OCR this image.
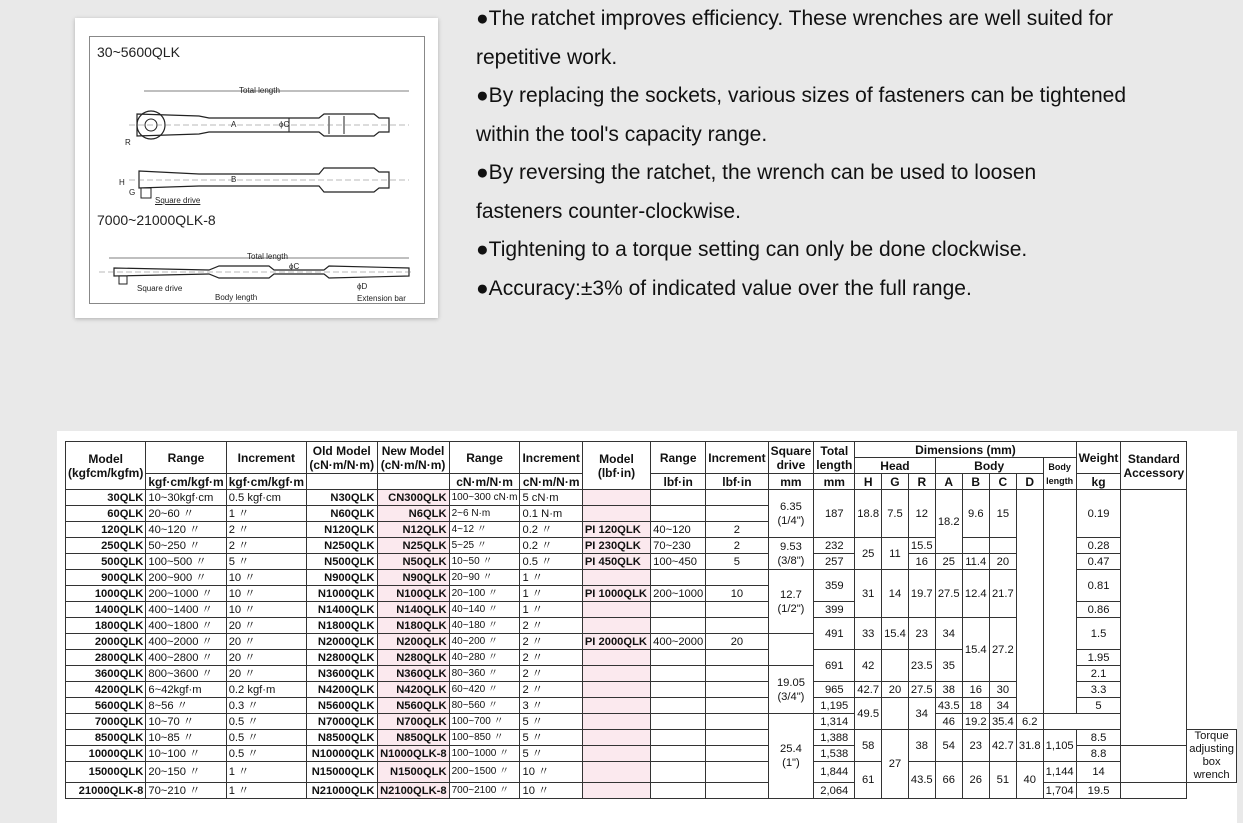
30~5600QLK
7000~21000QLK-8
Total length
A	ϕC
R
B
H
G
Square drive
Total length
ϕC
ϕD
Square drive
Body length	Extension bar

●The ratchet improves efficiency. These wrenches are well suited for

repetitive work.

●By replacing the sockets, various sizes of fasteners can be tightened

within the tool's capacity range.

●By reversing the ratchet, the wrench can be used to loosen

fasteners counter-clockwise.

●Tightening to a torque setting can only be done clockwise.

●Accuracy:±3% of indicated value over the full range.

Model (kgfcm/kgfm)	Range	Increment	Old Model (cN·m/N·m)	New Model (cN·m/N·m)	Range	Increment	Model (lbf·in)	Range	Increment	Square drive	Total length	Dimensions (mm)								Weight	Standard Accessory	
												Head			Body				Body length			
	kgf·cm/kgf·m	kgf·cm/kgf·m			cN·m/N·m	cN·m/N·m		lbf·in	lbf·in	mm	mm	H	G	R	A	B	C	D		kg		
30QLK	10~30kgf·cm	0.5 kgf·cm	N30QLK	CN300QLK	100~300 cN·m	5 cN·m				6.35 (1/4")	187	18.8	7.5	12	18.2	9.6	15			0.19		
60QLK	20~60 〃	1 〃	N60QLK	N6QLK	2~6 N·m	0.1 N·m																
120QLK	40~120 〃	2 〃	N120QLK	N12QLK	4~12 〃	0.2 〃	PI 120QLK	40~120	2													
250QLK	50~250 〃	2 〃	N250QLK	N25QLK	5~25 〃	0.2 〃	PI 230QLK	70~230	2	9.53 (3/8")	232	25	11	15.5						0.28		
500QLK	100~500 〃	5 〃	N500QLK	N50QLK	10~50 〃	0.5 〃	PI 450QLK	100~450	5		257			16	25	11.4	20			0.47		
900QLK	200~900 〃	10 〃	N900QLK	N90QLK	20~90 〃	1 〃				12.7 (1/2")	359	31	14	19.7	27.5	12.4	21.7			0.81		
1000QLK	200~1000 〃	10 〃	N1000QLK	N100QLK	20~100 〃	1 〃	PI 1000QLK	200~1000	10													
1400QLK	400~1400 〃	10 〃	N1400QLK	N140QLK	40~140 〃	1 〃					399									0.86		
1800QLK	400~1800 〃	20 〃	N1800QLK	N180QLK	40~180 〃	2 〃					491	33	15.4	23	34	15.4	27.2			1.5		
2000QLK	400~2000 〃	20 〃	N2000QLK	N200QLK	40~200 〃	2 〃	PI 2000QLK	400~2000	20													
2800QLK	400~2800 〃	20 〃	N2800QLK	N280QLK	40~280 〃	2 〃					691	42		23.5	35					1.95		
3600QLK	800~3600 〃	20 〃	N3600QLK	N360QLK	80~360 〃	2 〃				19.05 (3/4")										2.1		
4200QLK	6~42kgf·m	0.2 kgf·m	N4200QLK	N420QLK	60~420 〃	2 〃					965	42.7	20	27.5	38	16	30			3.3		
5600QLK	8~56 〃	0.3 〃	N5600QLK	N560QLK	80~560 〃	3 〃					1,195	49.5		34	43.5	18	34			5		
7000QLK	10~70 〃	0.5 〃	N7000QLK	N700QLK	100~700 〃	5 〃				25.4 (1")	1,314				46	19.2	35.4	6.2				
8500QLK	10~85 〃	0.5 〃	N8500QLK	N850QLK	100~850 〃	5 〃					1,388	58	27	38	54	23	42.7	31.8	1,105	8.5		Torque adjusting box wrench
10000QLK	10~100 〃	0.5 〃	N10000QLK	N1000QLK-8	100~1000 〃	5 〃					1,538									8.8		
15000QLK	20~150 〃	1 〃	N15000QLK	N1500QLK	200~1500 〃	10 〃					1,844	61		43.5	66	26	51	40	1,144	14		
21000QLK-8	70~210 〃	1 〃	N21000QLK	N2100QLK-8	700~2100 〃	10 〃					2,064								1,704	19.5		
